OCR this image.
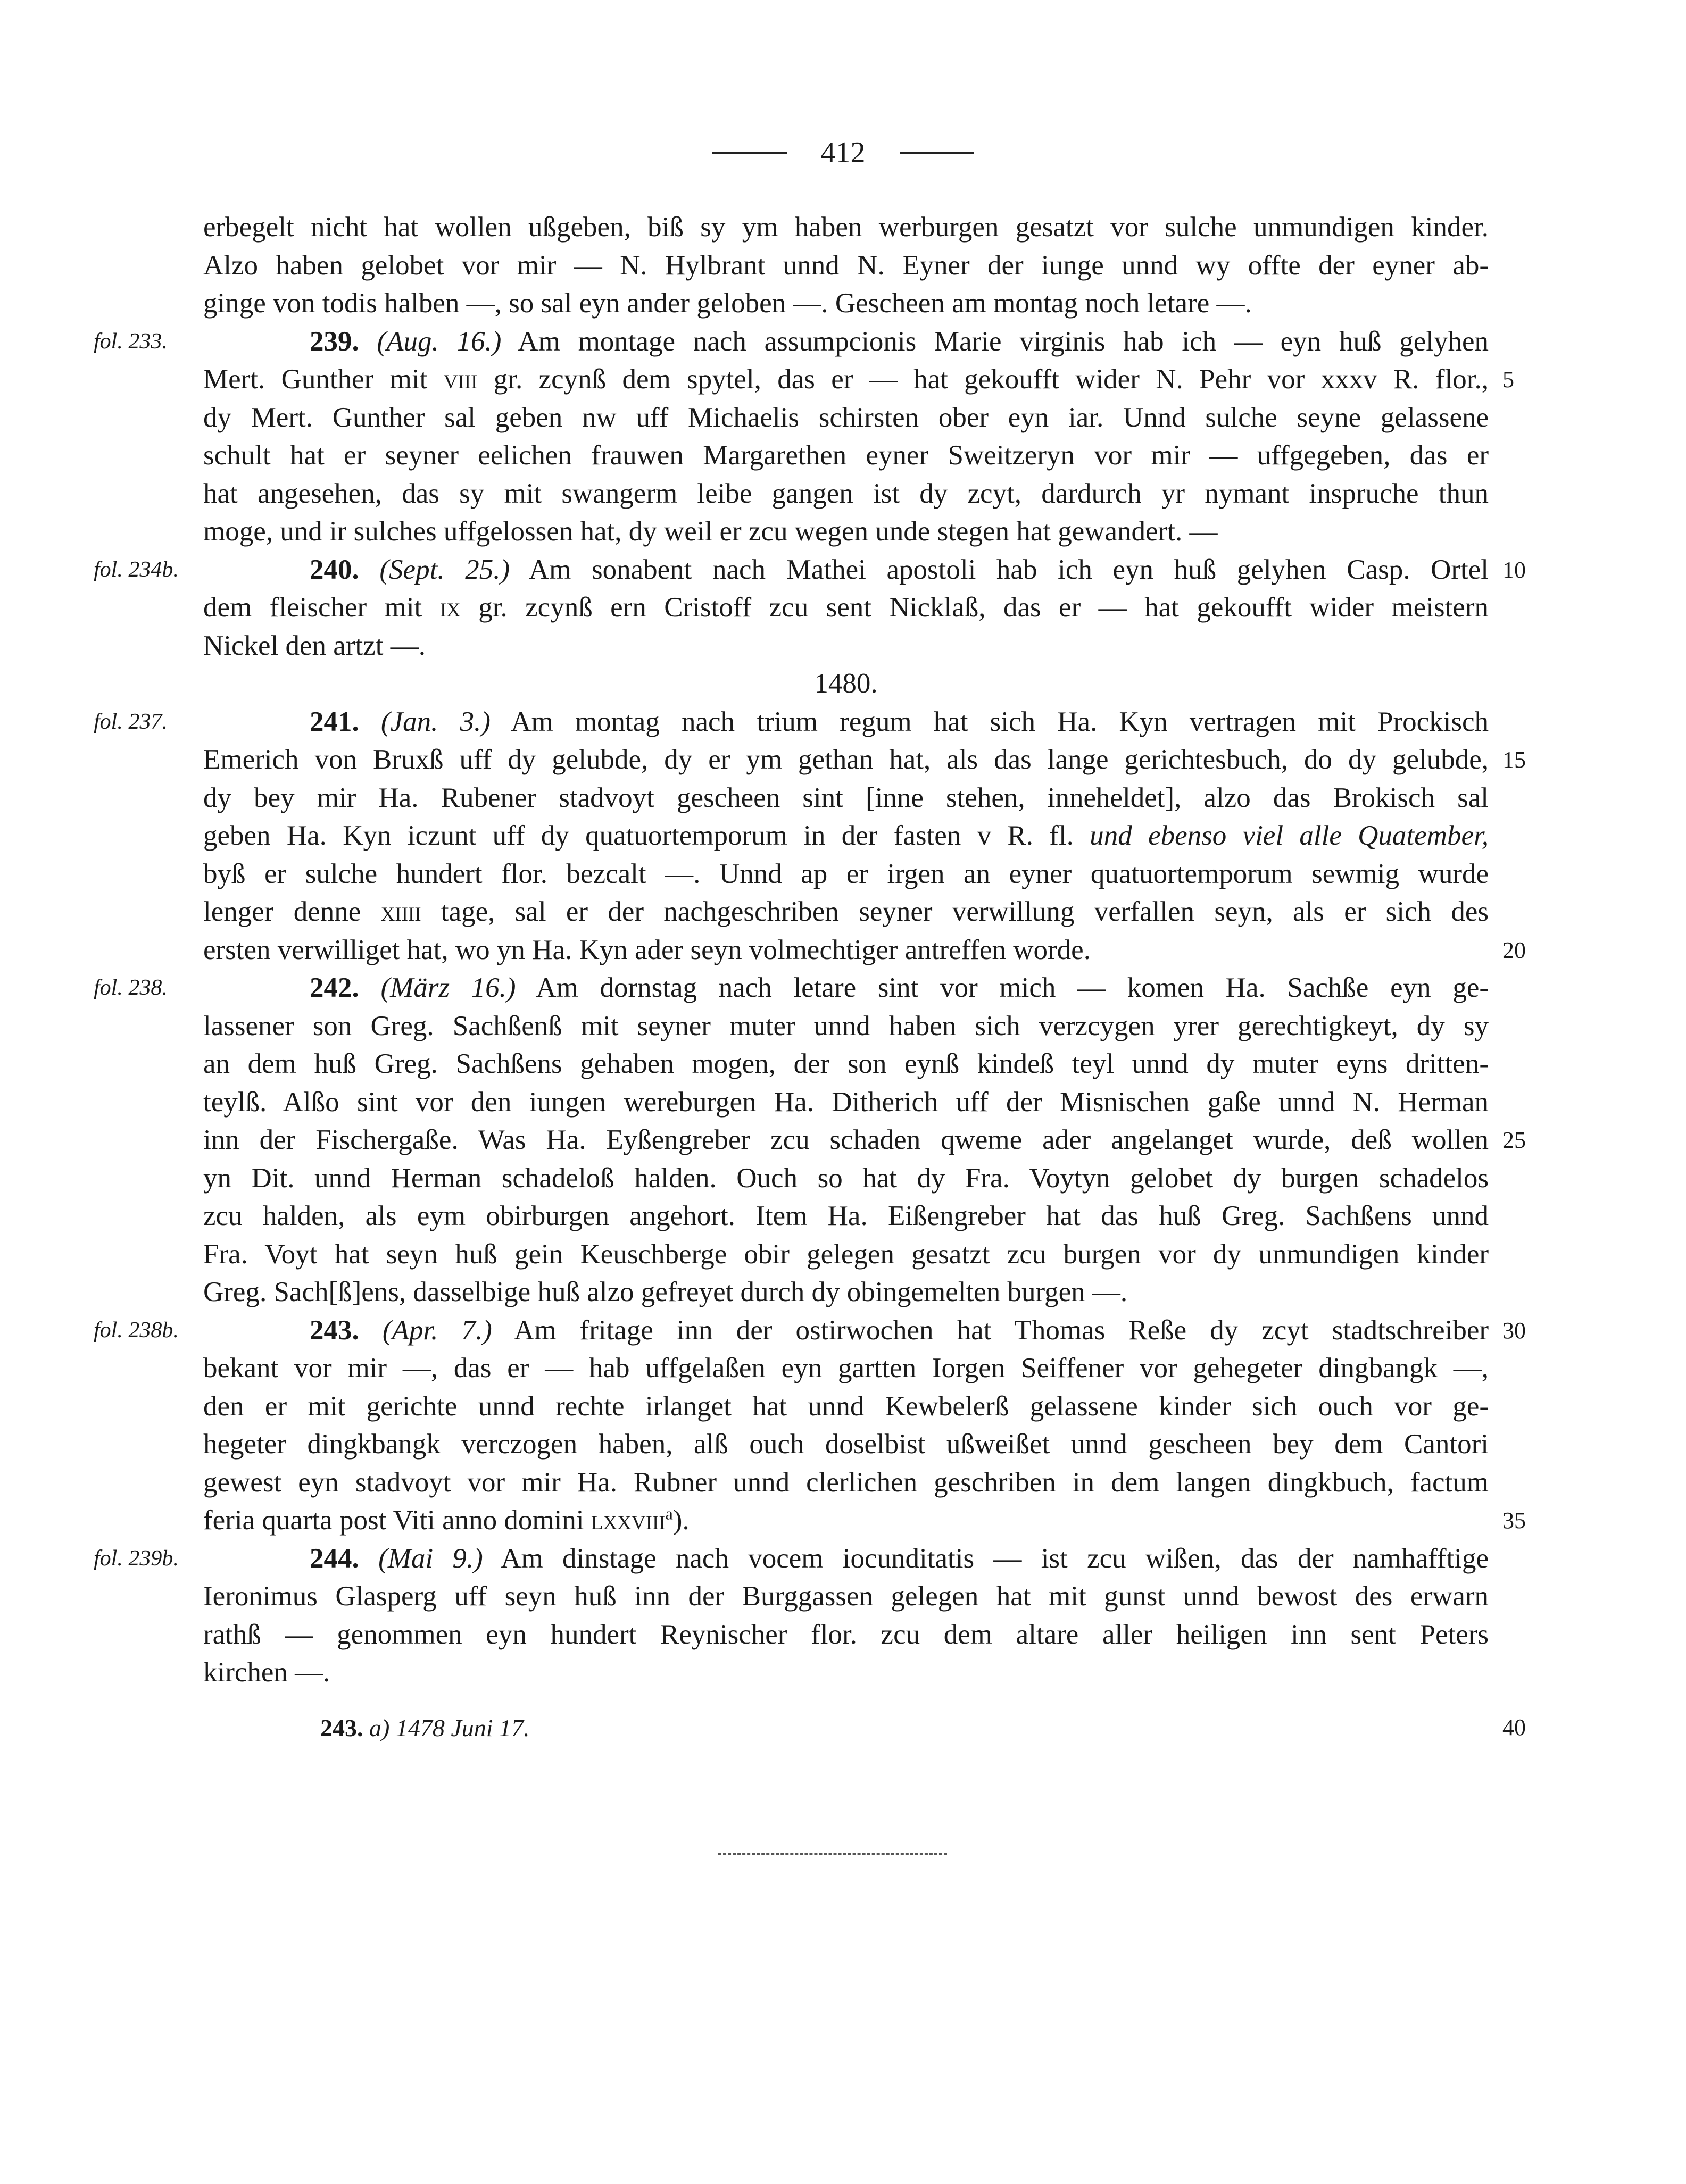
412
erbegelt nicht hat wollen ußgeben, biß sy ym haben werburgen gesatzt vor sulche unmundigen kinder.
Alzo haben gelobet vor mir — N. Hylbrant unnd N. Eyner der iunge unnd wy offte der eyner ab-
ginge von todis halben —, so sal eyn ander geloben —. Gescheen am montag noch letare —.
fol. 233.	239. (Aug. 16.) Am montage nach assumpcionis Marie virginis hab ich — eyn huß gelyhen
Mert. Gunther mit viii gr. zcynß dem spytel, das er — hat gekoufft wider N. Pehr vor xxxv R. flor., 5
dy Mert. Gunther sal geben nw uff Michaelis schirsten ober eyn iar. Unnd sulche seyne gelassene
schult hat er seyner eelichen frauwen Margarethen eyner Sweitzeryn vor mir — uffgegeben, das er
hat angesehen, das sy mit swangerm leibe gangen ist dy zcyt, dardurch yr nymant inspruche thun
moge, und ir sulches uffgelossen hat, dy weil er zcu wegen unde stegen hat gewandert. —
fol. 234b.	240. (Sept. 25.) Am sonabent nach Mathei apostoli hab ich eyn huß gelyhen Casp. Ortel 10
dem fleischer mit ix gr. zcynß ern Cristoff zcu sent Nicklaß, das er — hat gekoufft wider meistern
Nickel den artzt —.
1480.
fol. 237.	241. (Jan. 3.) Am montag nach trium regum hat sich Ha. Kyn vertragen mit Prockisch
Emerich von Bruxß uff dy gelubde, dy er ym gethan hat, als das lange gerichtesbuch, do dy gelubde, 15
dy bey mir Ha. Rubener stadvoyt gescheen sint [inne stehen, inneheldet], alzo das Brokisch sal
geben Ha. Kyn iczunt uff dy quatuortemporum in der fasten v R. fl. und ebenso viel alle Quatember,
byß er sulche hundert flor. bezcalt —. Unnd ap er irgen an eyner quatuortemporum sewmig wurde
lenger denne xiiii tage, sal er der nachgeschriben seyner verwillung verfallen seyn, als er sich des
ersten verwilliget hat, wo yn Ha. Kyn ader seyn volmechtiger antreffen worde.	20
fol. 238.	242. (März 16.) Am dornstag nach letare sint vor mich — komen Ha. Sachße eyn ge-
lassener son Greg. Sachßenß mit seyner muter unnd haben sich verzcygen yrer gerechtigkeyt, dy sy
an dem huß Greg. Sachßens gehaben mogen, der son eynß kindeß teyl unnd dy muter eyns dritten-
teylß. Alßo sint vor den iungen wereburgen Ha. Ditherich uff der Misnischen gaße unnd N. Herman
inn der Fischergaße. Was Ha. Eyßengreber zcu schaden qweme ader angelanget wurde, deß wollen 25
yn Dit. unnd Herman schadeloß halden. Ouch so hat dy Fra. Voytyn gelobet dy burgen schadelos
zcu halden, als eym obirburgen angehort. Item Ha. Eißengreber hat das huß Greg. Sachßens unnd
Fra. Voyt hat seyn huß gein Keuschberge obir gelegen gesatzt zcu burgen vor dy unmundigen kinder
Greg. Sach[ß]ens, dasselbige huß alzo gefreyet durch dy obingemelten burgen —.
fol. 238b.	243. (Apr. 7.) Am fritage inn der ostirwochen hat Thomas Reße dy zcyt stadtschreiber 30
bekant vor mir —, das er — hab uffgelaßen eyn gartten Iorgen Seiffener vor gehegeter dingbangk —,
den er mit gerichte unnd rechte irlanget hat unnd Kewbelerß gelassene kinder sich ouch vor ge-
hegeter dingkbangk verczogen haben, alß ouch doselbist ußweißet unnd gescheen bey dem Cantori
gewest eyn stadvoyt vor mir Ha. Rubner unnd clerlichen geschriben in dem langen dingkbuch, factum
feria quarta post Viti anno domini lxxviii$^a$).	35
fol. 239b.	244. (Mai 9.) Am dinstage nach vocem iocunditatis — ist zcu wißen, das der namhafftige
Ieronimus Glasperg uff seyn huß inn der Burggassen gelegen hat mit gunst unnd bewost des erwarn
rathß — genommen eyn hundert Reynischer flor. zcu dem altare aller heiligen inn sent Peters
kirchen —.
243. a) 1478 Juni 17.	40
